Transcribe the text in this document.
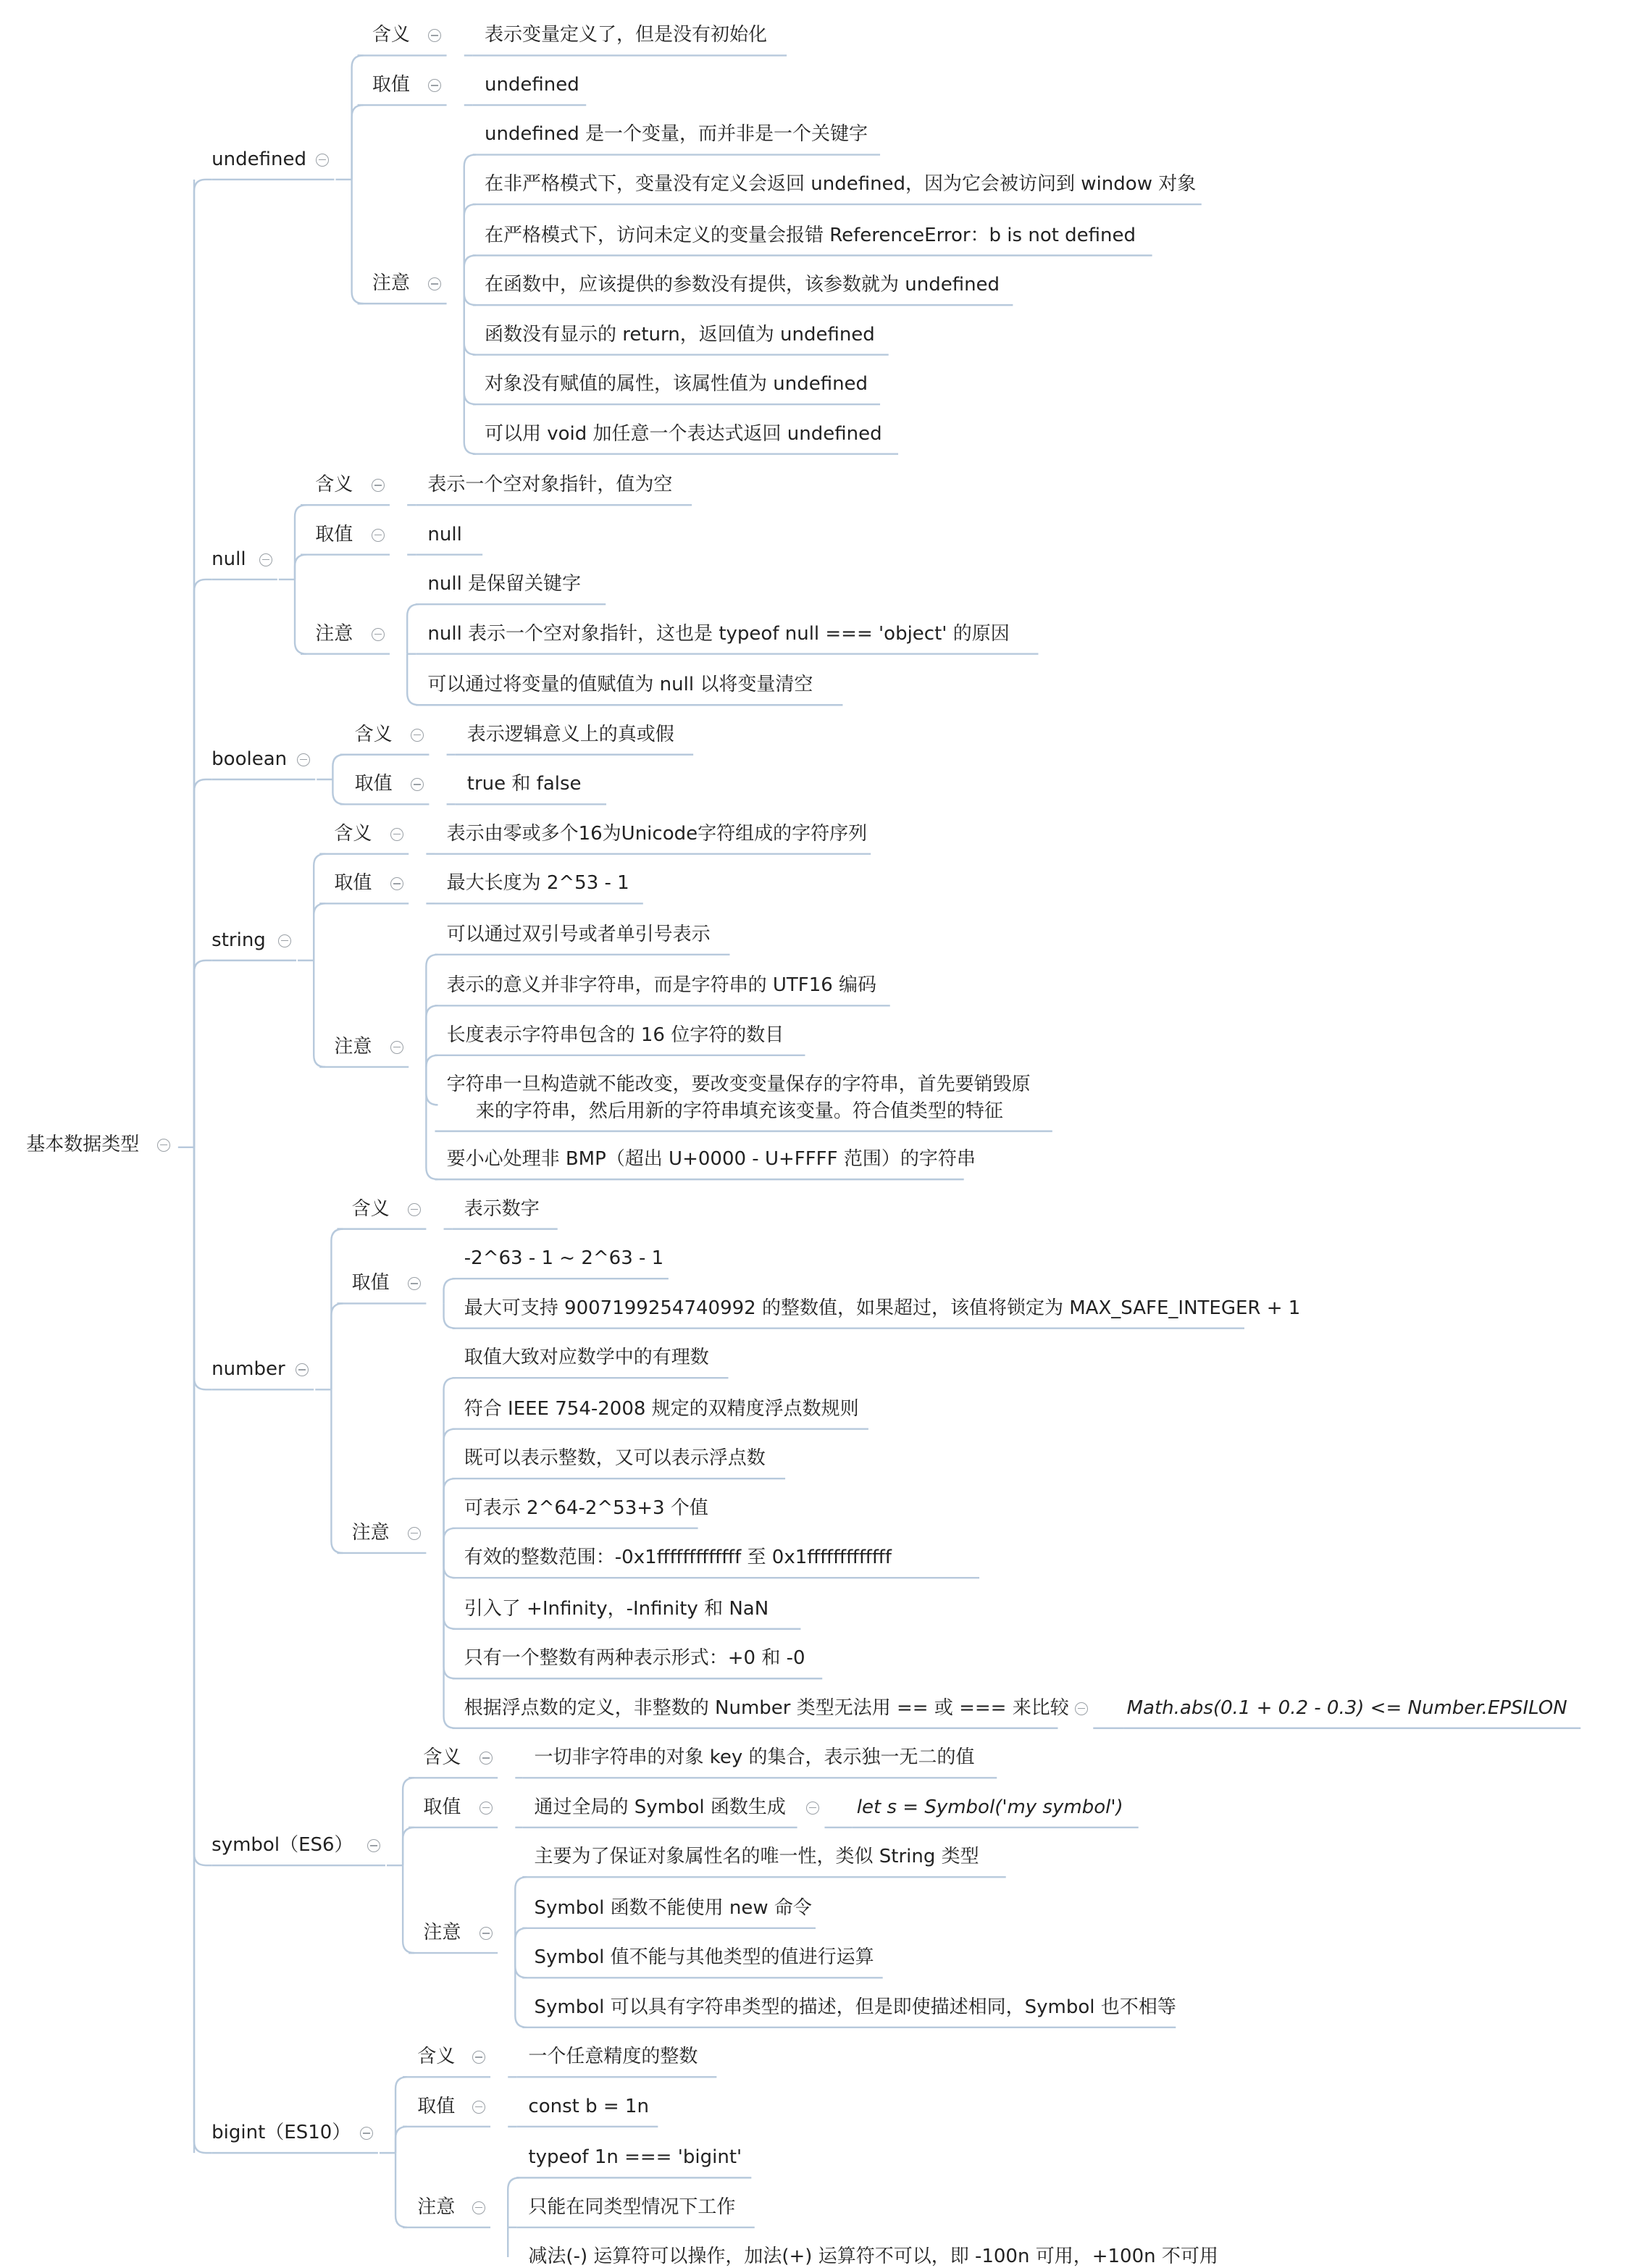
基本数据类型
undefined
含义	表示变量定义了，但是没有初始化
取值	undefined
注意
undefined 是一个变量，而并非是一个关键字
在非严格模式下，变量没有定义会返回 undefined，因为它会被访问到 window 对象
在严格模式下，访问未定义的变量会报错 ReferenceError：b is not defined
在函数中，应该提供的参数没有提供，该参数就为 undefined
函数没有显示的 return，返回值为 undefined
对象没有赋值的属性，该属性值为 undefined
可以用 void 加任意一个表达式返回 undefined
null
含义	表示一个空对象指针，值为空
取值	null
注意
null 是保留关键字
null 表示一个空对象指针，这也是 typeof null === 'object' 的原因
可以通过将变量的值赋值为 null 以将变量清空
boolean
含义	表示逻辑意义上的真或假
取值	true 和 false
string
含义	表示由零或多个16为Unicode字符组成的字符序列
取值	最大长度为 2^53 - 1
注意
可以通过双引号或者单引号表示
表示的意义并非字符串，而是字符串的 UTF16 编码
长度表示字符串包含的 16 位字符的数目
字符串一旦构造就不能改变，要改变变量保存的字符串，首先要销毁原
来的字符串，然后用新的字符串填充该变量。符合值类型的特征
要小心处理非 BMP（超出 U+0000 - U+FFFF 范围）的字符串
number
含义	表示数字
取值
-2^63 - 1 ~ 2^63 - 1
最大可支持 9007199254740992 的整数值，如果超过，该值将锁定为 MAX_SAFE_INTEGER + 1
注意
取值大致对应数学中的有理数
符合 IEEE 754-2008 规定的双精度浮点数规则
既可以表示整数，又可以表示浮点数
可表示 2^64-2^53+3 个值
有效的整数范围：-0x1fffffffffffff 至 0x1fffffffffffff
引入了 +Infinity，-Infinity 和 NaN
只有一个整数有两种表示形式：+0 和 -0
根据浮点数的定义，非整数的 Number 类型无法用 == 或 === 来比较
symbol（ES6）
含义	一切非字符串的对象 key 的集合，表示独一无二的值
取值	通过全局的 Symbol 函数生成
注意
主要为了保证对象属性名的唯一性，类似 String 类型
Symbol 函数不能使用 new 命令
Symbol 值不能与其他类型的值进行运算
Symbol 可以具有字符串类型的描述，但是即使描述相同，Symbol 也不相等
bigint（ES10）
含义	一个任意精度的整数
取值	const b = 1n
注意
typeof 1n === 'bigint'
只能在同类型情况下工作
减法(-) 运算符可以操作，加法(+) 运算符不可以，即 -100n 可用，+100n 不可用
Math.abs(0.1 + 0.2 - 0.3) <= Number.EPSILON
let s = Symbol('my symbol')
